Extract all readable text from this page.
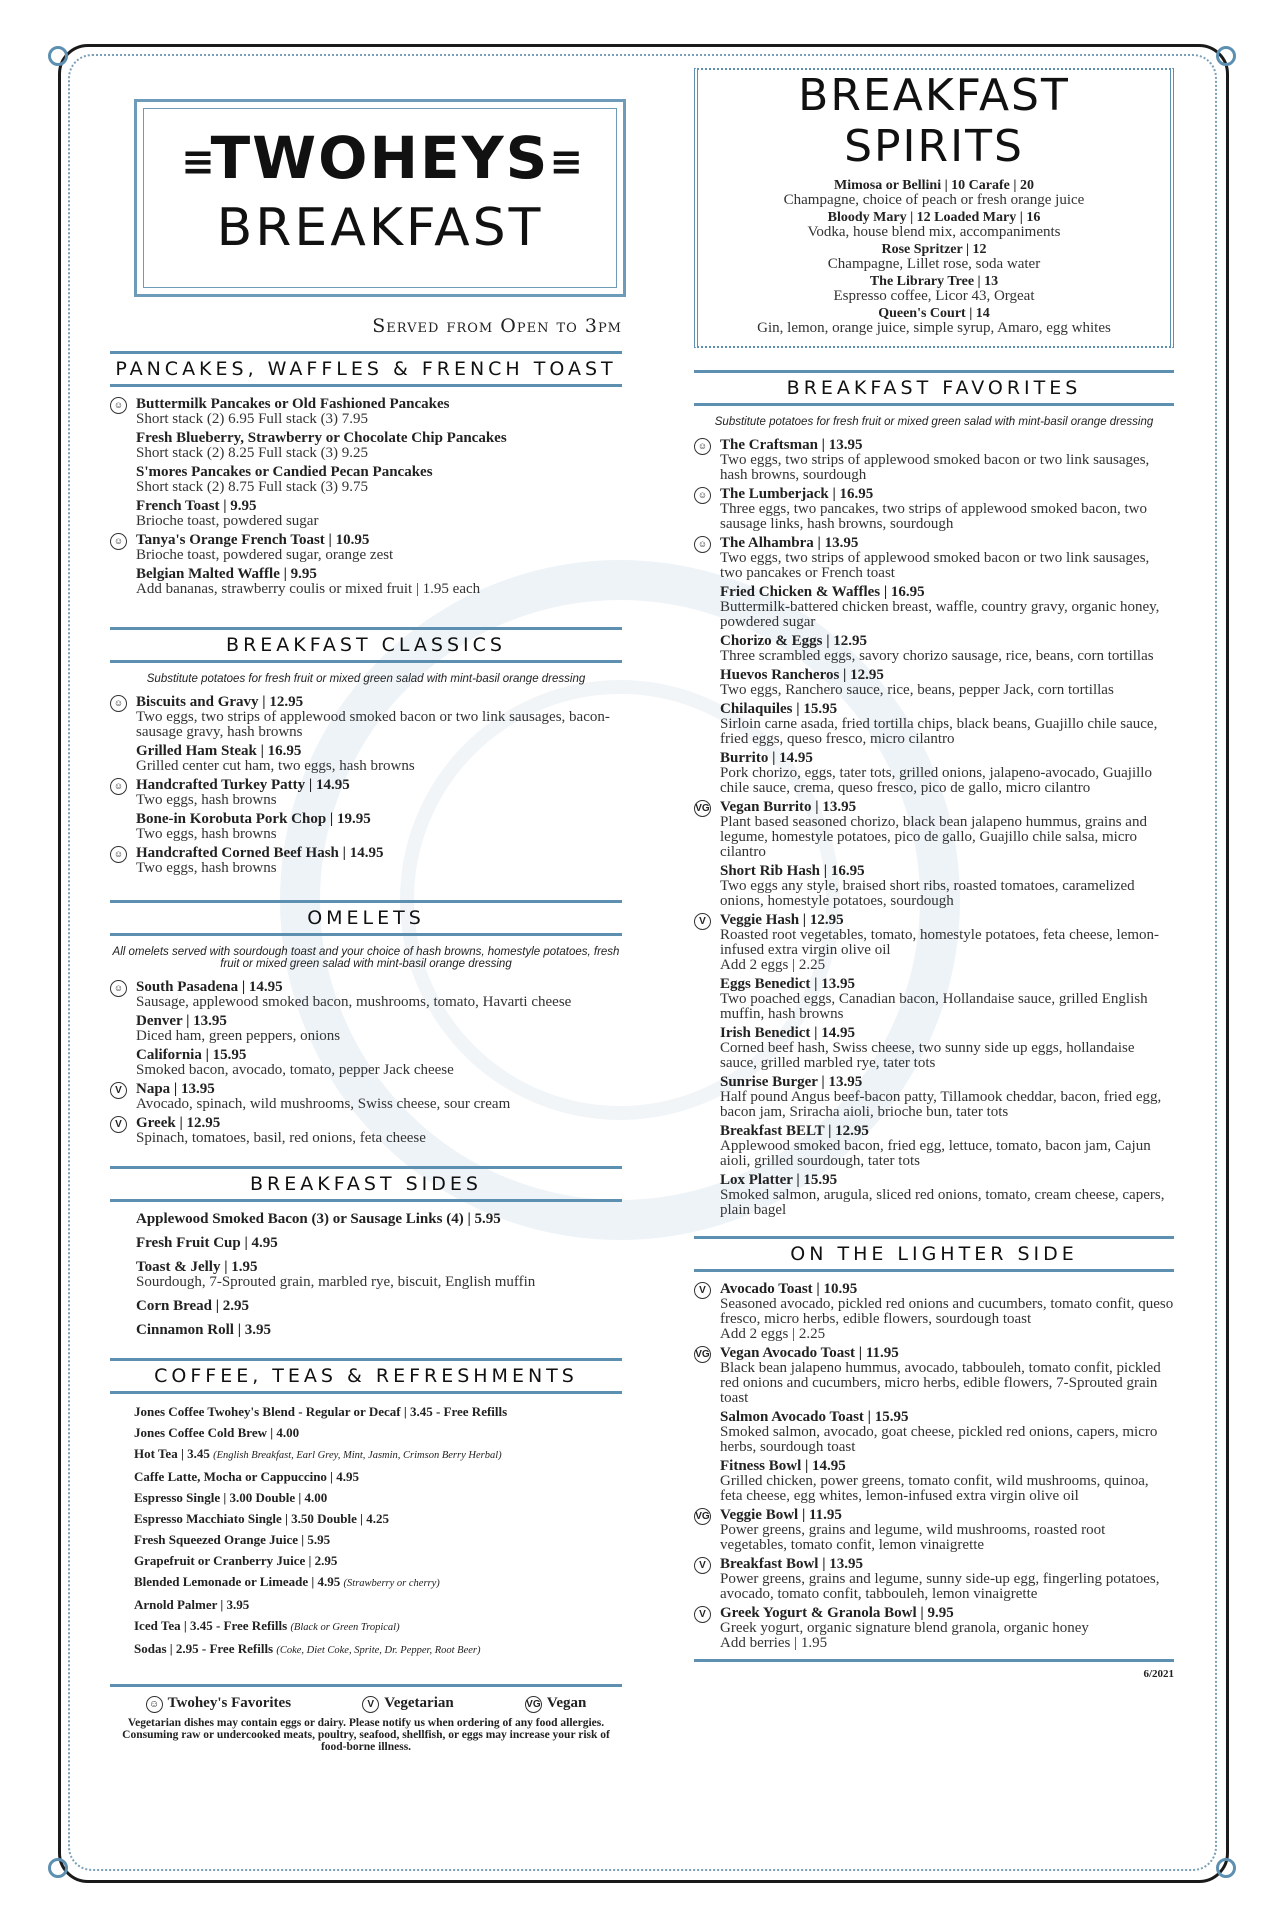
≡TWOHEYS≡
BREAKFAST
Served from Open to 3pm
PANCAKES, WAFFLES & FRENCH TOAST
☺ Buttermilk Pancakes or Old Fashioned Pancakes
Short stack (2) 6.95 Full stack (3) 7.95
Fresh Blueberry, Strawberry or Chocolate Chip Pancakes
Short stack (2) 8.25 Full stack (3) 9.25
S'mores Pancakes or Candied Pecan Pancakes
Short stack (2) 8.75 Full stack (3) 9.75
French Toast | 9.95
Brioche toast, powdered sugar
☺ Tanya's Orange French Toast | 10.95
Brioche toast, powdered sugar, orange zest
Belgian Malted Waffle | 9.95
Add bananas, strawberry coulis or mixed fruit | 1.95 each
BREAKFAST CLASSICS
Substitute potatoes for fresh fruit or mixed green salad with mint-basil orange dressing
☺ Biscuits and Gravy | 12.95
Two eggs, two strips of applewood smoked bacon or two link sausages, bacon-sausage gravy, hash browns
Grilled Ham Steak | 16.95
Grilled center cut ham, two eggs, hash browns
☺ Handcrafted Turkey Patty | 14.95
Two eggs, hash browns
Bone-in Korobuta Pork Chop | 19.95
Two eggs, hash browns
☺ Handcrafted Corned Beef Hash | 14.95
Two eggs, hash browns
OMELETS
All omelets served with sourdough toast and your choice of hash browns, homestyle potatoes, fresh fruit or mixed green salad with mint-basil orange dressing
☺ South Pasadena | 14.95
Sausage, applewood smoked bacon, mushrooms, tomato, Havarti cheese
Denver | 13.95
Diced ham, green peppers, onions
California | 15.95
Smoked bacon, avocado, tomato, pepper Jack cheese
V Napa | 13.95
Avocado, spinach, wild mushrooms, Swiss cheese, sour cream
V Greek | 12.95
Spinach, tomatoes, basil, red onions, feta cheese
BREAKFAST SIDES
Applewood Smoked Bacon (3) or Sausage Links (4) | 5.95
Fresh Fruit Cup | 4.95
Toast & Jelly | 1.95
Sourdough, 7-Sprouted grain, marbled rye, biscuit, English muffin
Corn Bread | 2.95
Cinnamon Roll | 3.95
COFFEE, TEAS & REFRESHMENTS
Jones Coffee Twohey's Blend - Regular or Decaf | 3.45 - Free Refills
Jones Coffee Cold Brew | 4.00
Hot Tea | 3.45 (English Breakfast, Earl Grey, Mint, Jasmin, Crimson Berry Herbal)
Caffe Latte, Mocha or Cappuccino | 4.95
Espresso Single | 3.00 Double | 4.00
Espresso Macchiato Single | 3.50 Double | 4.25
Fresh Squeezed Orange Juice | 5.95
Grapefruit or Cranberry Juice | 2.95
Blended Lemonade or Limeade | 4.95 (Strawberry or cherry)
Arnold Palmer | 3.95
Iced Tea | 3.45 - Free Refills (Black or Green Tropical)
Sodas | 2.95 - Free Refills (Coke, Diet Coke, Sprite, Dr. Pepper, Root Beer)
☺ Twohey's Favorites	V Vegetarian	VG Vegan
Vegetarian dishes may contain eggs or dairy. Please notify us when ordering of any food allergies. Consuming raw or undercooked meats, poultry, seafood, shellfish, or eggs may increase your risk of food-borne illness.
BREAKFAST SPIRITS
Mimosa or Bellini | 10 Carafe | 20
Champagne, choice of peach or fresh orange juice
Bloody Mary | 12 Loaded Mary | 16
Vodka, house blend mix, accompaniments
Rose Spritzer | 12
Champagne, Lillet rose, soda water
The Library Tree | 13
Espresso coffee, Licor 43, Orgeat
Queen's Court | 14
Gin, lemon, orange juice, simple syrup, Amaro, egg whites
BREAKFAST FAVORITES
Substitute potatoes for fresh fruit or mixed green salad with mint-basil orange dressing
☺ The Craftsman | 13.95
Two eggs, two strips of applewood smoked bacon or two link sausages, hash browns, sourdough
☺ The Lumberjack | 16.95
Three eggs, two pancakes, two strips of applewood smoked bacon, two sausage links, hash browns, sourdough
☺ The Alhambra | 13.95
Two eggs, two strips of applewood smoked bacon or two link sausages, two pancakes or French toast
Fried Chicken & Waffles | 16.95
Buttermilk-battered chicken breast, waffle, country gravy, organic honey, powdered sugar
Chorizo & Eggs | 12.95
Three scrambled eggs, savory chorizo sausage, rice, beans, corn tortillas
Huevos Rancheros | 12.95
Two eggs, Ranchero sauce, rice, beans, pepper Jack, corn tortillas
Chilaquiles | 15.95
Sirloin carne asada, fried tortilla chips, black beans, Guajillo chile sauce, fried eggs, queso fresco, micro cilantro
Burrito | 14.95
Pork chorizo, eggs, tater tots, grilled onions, jalapeno-avocado, Guajillo chile sauce, crema, queso fresco, pico de gallo, micro cilantro
VG Vegan Burrito | 13.95
Plant based seasoned chorizo, black bean jalapeno hummus, grains and legume, homestyle potatoes, pico de gallo, Guajillo chile salsa, micro cilantro
Short Rib Hash | 16.95
Two eggs any style, braised short ribs, roasted tomatoes, caramelized onions, homestyle potatoes, sourdough
V Veggie Hash | 12.95
Roasted root vegetables, tomato, homestyle potatoes, feta cheese, lemon-infused extra virgin olive oil
Add 2 eggs | 2.25
Eggs Benedict | 13.95
Two poached eggs, Canadian bacon, Hollandaise sauce, grilled English muffin, hash browns
Irish Benedict | 14.95
Corned beef hash, Swiss cheese, two sunny side up eggs, hollandaise sauce, grilled marbled rye, tater tots
Sunrise Burger | 13.95
Half pound Angus beef-bacon patty, Tillamook cheddar, bacon, fried egg, bacon jam, Sriracha aioli, brioche bun, tater tots
Breakfast BELT | 12.95
Applewood smoked bacon, fried egg, lettuce, tomato, bacon jam, Cajun aioli, grilled sourdough, tater tots
Lox Platter | 15.95
Smoked salmon, arugula, sliced red onions, tomato, cream cheese, capers, plain bagel
ON THE LIGHTER SIDE
V Avocado Toast | 10.95
Seasoned avocado, pickled red onions and cucumbers, tomato confit, queso fresco, micro herbs, edible flowers, sourdough toast
Add 2 eggs | 2.25
VG Vegan Avocado Toast | 11.95
Black bean jalapeno hummus, avocado, tabbouleh, tomato confit, pickled red onions and cucumbers, micro herbs, edible flowers, 7-Sprouted grain toast
Salmon Avocado Toast | 15.95
Smoked salmon, avocado, goat cheese, pickled red onions, capers, micro herbs, sourdough toast
Fitness Bowl | 14.95
Grilled chicken, power greens, tomato confit, wild mushrooms, quinoa, feta cheese, egg whites, lemon-infused extra virgin olive oil
VG Veggie Bowl | 11.95
Power greens, grains and legume, wild mushrooms, roasted root vegetables, tomato confit, lemon vinaigrette
V Breakfast Bowl | 13.95
Power greens, grains and legume, sunny side-up egg, fingerling potatoes, avocado, tomato confit, tabbouleh, lemon vinaigrette
V Greek Yogurt & Granola Bowl | 9.95
Greek yogurt, organic signature blend granola, organic honey
Add berries | 1.95
6/2021
